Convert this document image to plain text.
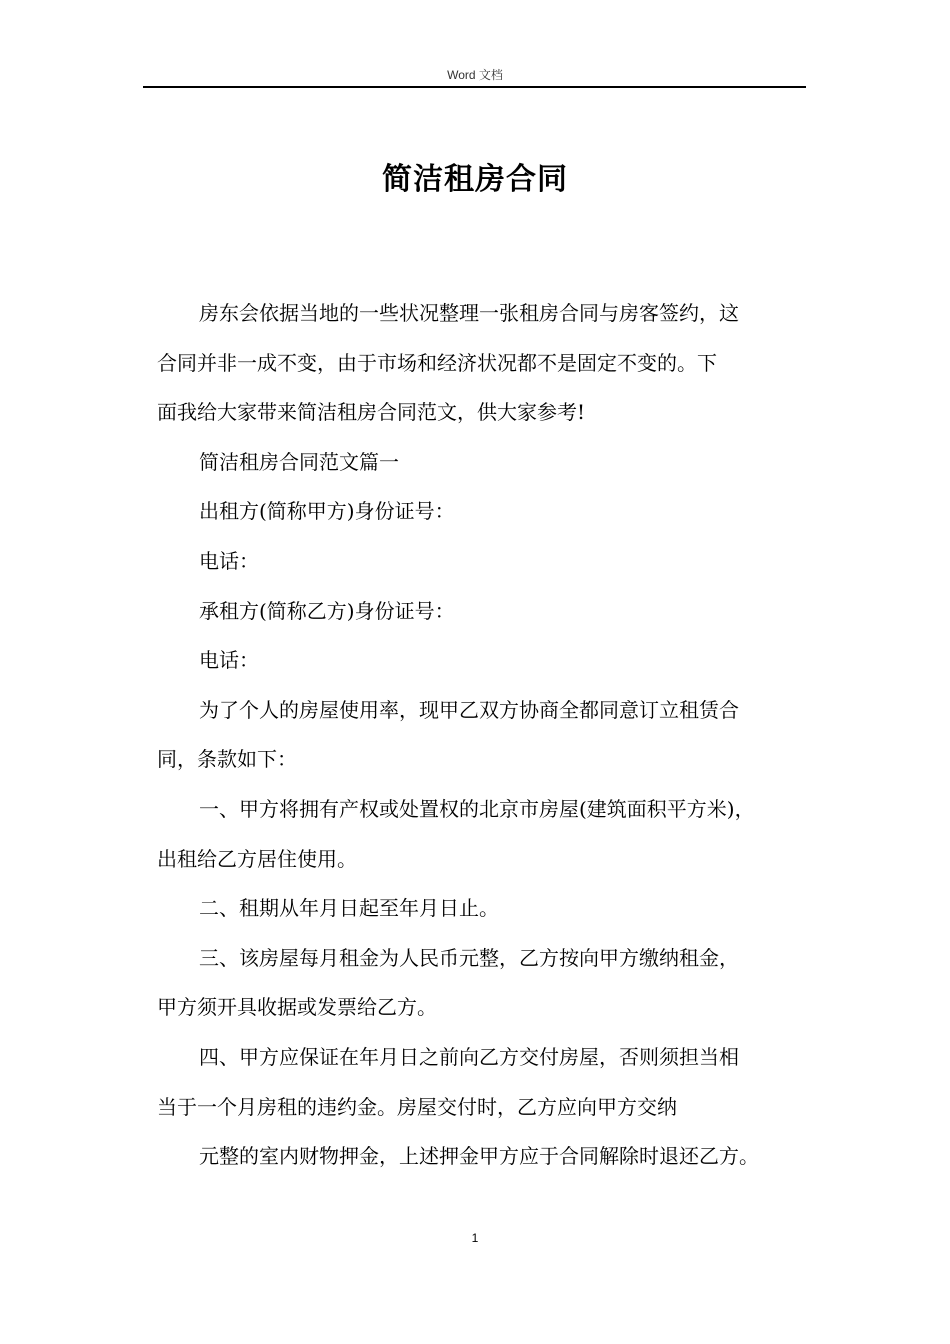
Word 文档
简洁租房合同

房东会依据当地的一些状况整理一张租房合同与房客签约，这
合同并非一成不变，由于市场和经济状况都不是固定不变的。下
面我给大家带来简洁租房合同范文，供大家参考!

简洁租房合同范文篇一

出租方(简称甲方)身份证号：

电话：

承租方(简称乙方)身份证号：

电话：

为了个人的房屋使用率，现甲乙双方协商全都同意订立租赁合
同，条款如下：

一、甲方将拥有产权或处置权的北京市房屋(建筑面积平方米)，
出租给乙方居住使用。

二、租期从年月日起至年月日止。

三、该房屋每月租金为人民币元整，乙方按向甲方缴纳租金，
甲方须开具收据或发票给乙方。

四、甲方应保证在年月日之前向乙方交付房屋，否则须担当相
当于一个月房租的违约金。房屋交付时，乙方应向甲方交纳

元整的室内财物押金，上述押金甲方应于合同解除时退还乙方。

1
